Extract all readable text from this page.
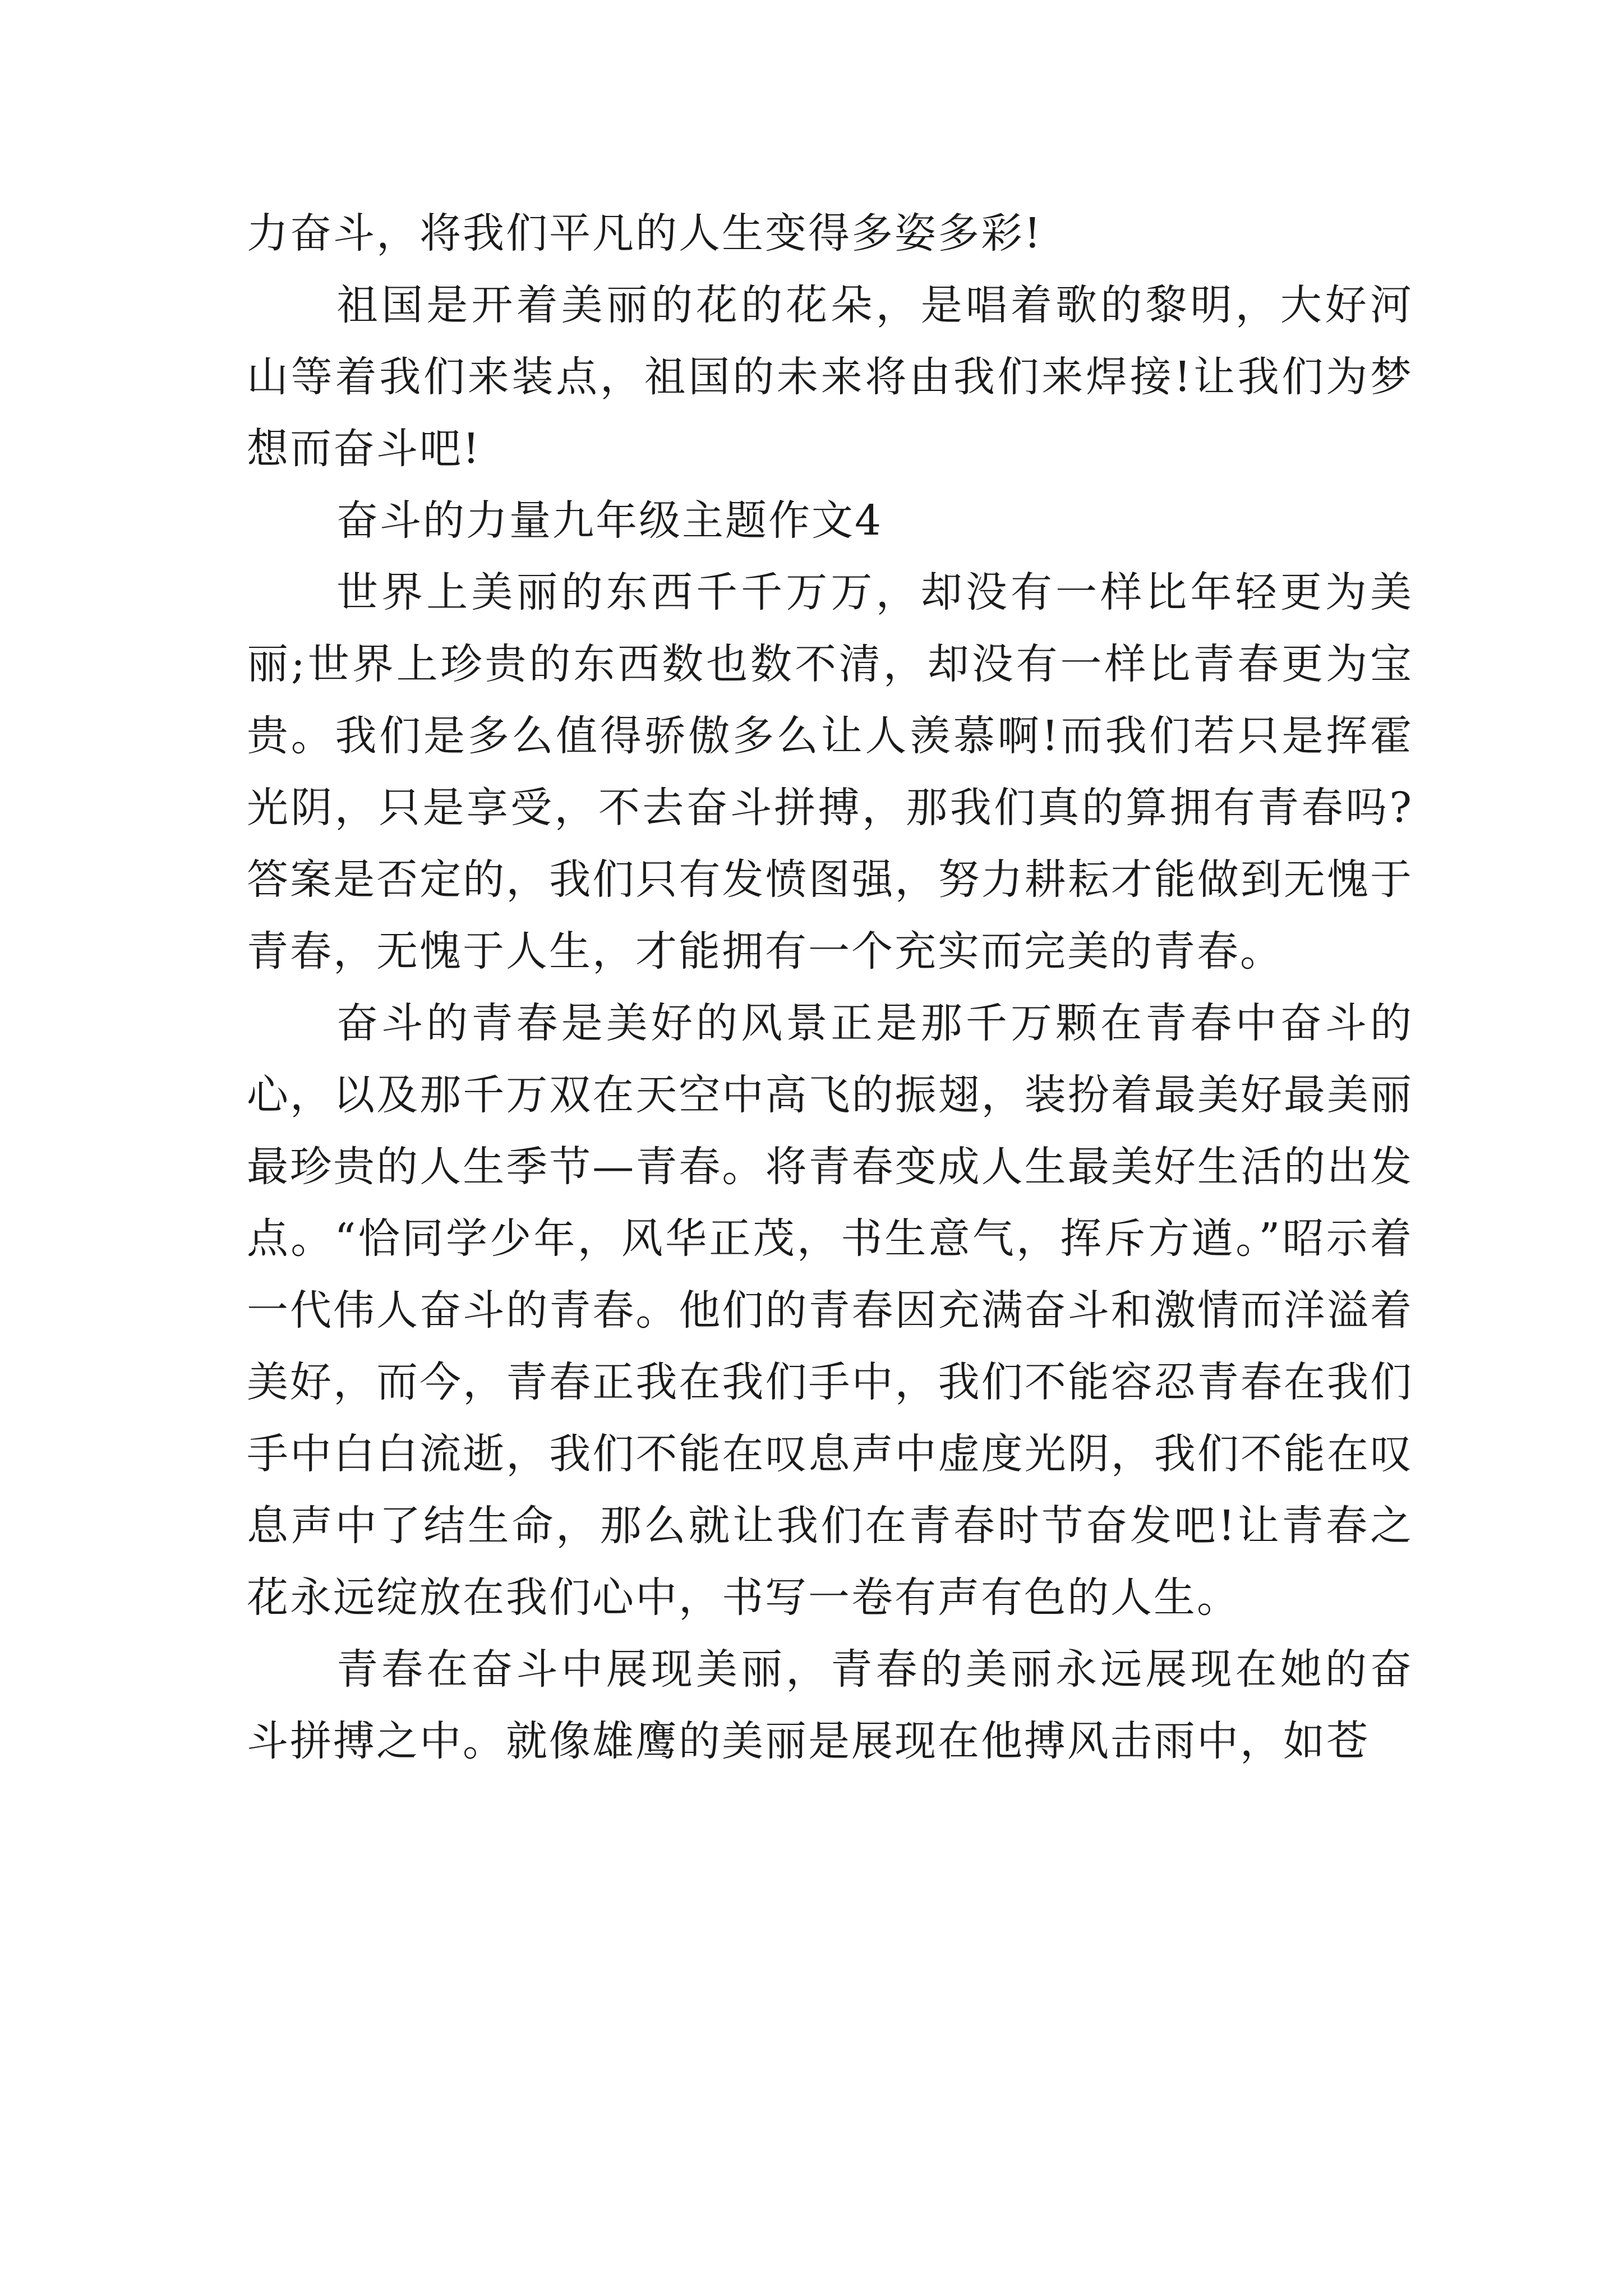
力奋斗，将我们平凡的人生变得多姿多彩!

祖国是开着美丽的花的花朵，是唱着歌的黎明，大好河山等着我们来装点，祖国的未来将由我们来焊接!让我们为梦想而奋斗吧!

奋斗的力量九年级主题作文4

世界上美丽的东西千千万万，却没有一样比年轻更为美丽;世界上珍贵的东西数也数不清，却没有一样比青春更为宝贵。我们是多么值得骄傲多么让人羡慕啊!而我们若只是挥霍光阴，只是享受，不去奋斗拼搏，那我们真的算拥有青春吗?答案是否定的，我们只有发愤图强，努力耕耘才能做到无愧于青春，无愧于人生，才能拥有一个充实而完美的青春。

奋斗的青春是美好的风景正是那千万颗在青春中奋斗的心，以及那千万双在天空中高飞的振翅，装扮着最美好最美丽最珍贵的人生季节—青春。将青春变成人生最美好生活的出发点。“恰同学少年，风华正茂，书生意气，挥斥方遒。”昭示着一代伟人奋斗的青春。他们的青春因充满奋斗和激情而洋溢着美好，而今，青春正我在我们手中，我们不能容忍青春在我们手中白白流逝，我们不能在叹息声中虚度光阴，我们不能在叹息声中了结生命，那么就让我们在青春时节奋发吧!让青春之花永远绽放在我们心中，书写一卷有声有色的人生。

青春在奋斗中展现美丽，青春的美丽永远展现在她的奋斗拼搏之中。就像雄鹰的美丽是展现在他搏风击雨中，如苍
